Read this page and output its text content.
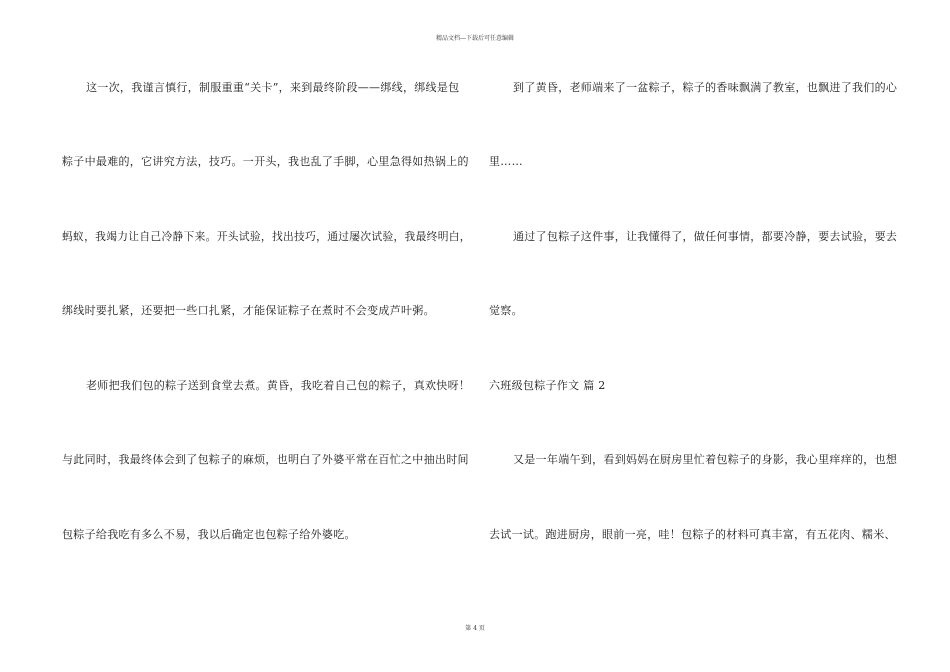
精品文档---下载后可任意编辑
这一次，我谨言慎行，制服重重“关卡”，来到最终阶段——绑线，绑线是包
粽子中最难的，它讲究方法，技巧。一开头，我也乱了手脚，心里急得如热锅上的
蚂蚁，我竭力让自己冷静下来。开头试验，找出技巧，通过屡次试验，我最终明白，
绑线时要扎紧，还要把一些口扎紧，才能保证粽子在煮时不会变成芦叶粥。
老师把我们包的粽子送到食堂去煮。黄昏，我吃着自己包的粽子，真欢快呀！
与此同时，我最终体会到了包粽子的麻烦，也明白了外婆平常在百忙之中抽出时间
包粽子给我吃有多么不易，我以后确定也包粽子给外婆吃。
到了黄昏，老师端来了一盆粽子，粽子的香味飘满了教室，也飘进了我们的心
里……
通过了包粽子这件事，让我懂得了，做任何事情，都要冷静，要去试验，要去
觉察。
六班级包粽子作文 篇 2
又是一年端午到，看到妈妈在厨房里忙着包粽子的身影，我心里痒痒的，也想
去试一试。跑进厨房，眼前一亮，哇！包粽子的材料可真丰富，有五花肉、糯米、
第 4 页
